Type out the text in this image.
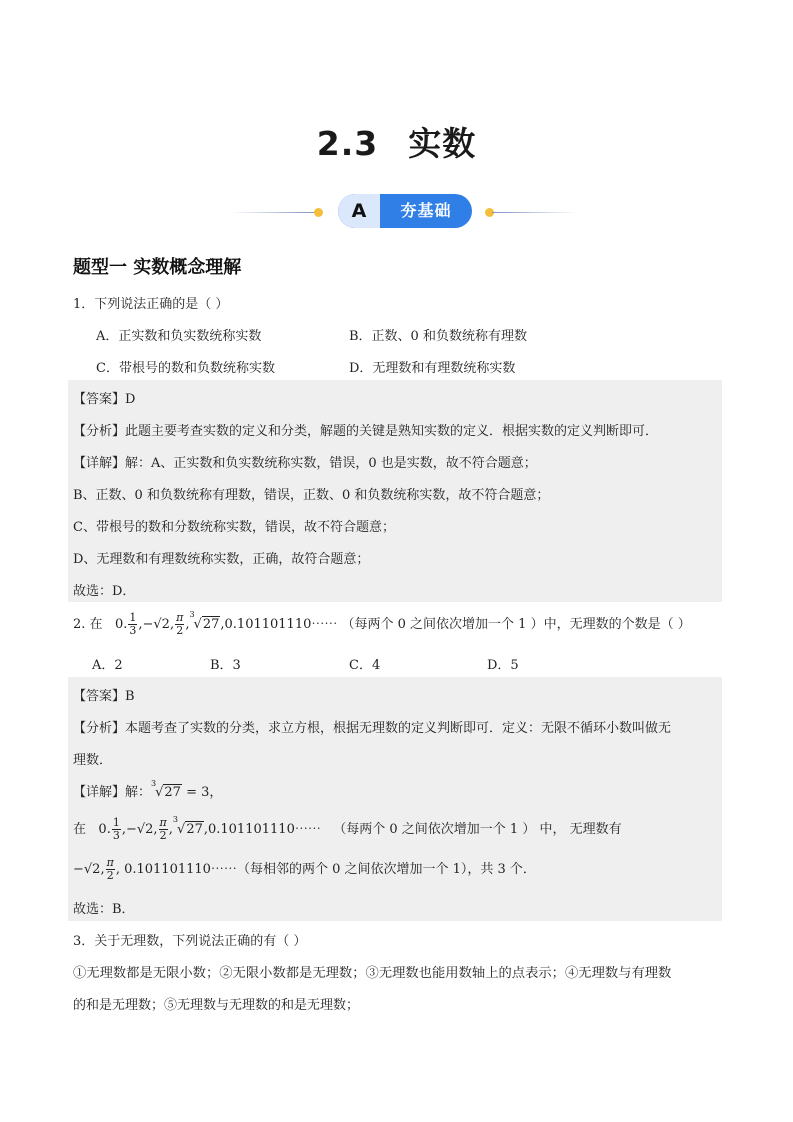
2.3 实数
A	夯基础
题型一 实数概念理解
1．下列说法正确的是（ ）
A．正实数和负实数统称实数	B．正数、0 和负数统称有理数
C．带根号的数和负数统称实数	D．无理数和有理数统称实数
【答案】D
【分析】此题主要考查实数的定义和分类，解题的关键是熟知实数的定义．根据实数的定义判断即可．
【详解】解：A、正实数和负实数统称实数，错误，0 也是实数，故不符合题意；
B、正数、0 和负数统称有理数，错误，正数、0 和负数统称实数，故不符合题意；
C、带根号的数和分数统称实数，错误，故不符合题意；
D、无理数和有理数统称实数，正确，故符合题意；
故选：D．
2. 在 0. $\frac{1}{3} ,-√2$, $\frac{\pi}{2}$ ,$^3$√27,0.101101110⋯⋯ （每两个 0 之间依次增加一个 1 ）中，无理数的个数是（ ）
A．2	B．3	C．4	D．5
【答案】B
【分析】本题考查了实数的分类，求立方根，根据无理数的定义判断即可．定义：无限不循环小数叫做无
理数．
【详解】解：$^3$√27 = 3，
在 0. $\frac{1}{3} ,-√2$, $\frac{\pi}{2}$ ,$^3$√27,0.101101110⋯⋯ （每两个 0 之间依次增加一个 1 ） 中， 无理数有
−√2, $\frac{\pi}{2}$ , 0.101101110⋯⋯（每相邻的两个 0 之间依次增加一个 1），共 3 个．
故选：B．
3．关于无理数，下列说法正确的有（ ）
①无理数都是无限小数；②无限小数都是无理数；③无理数也能用数轴上的点表示；④无理数与有理数
的和是无理数；⑤无理数与无理数的和是无理数；
